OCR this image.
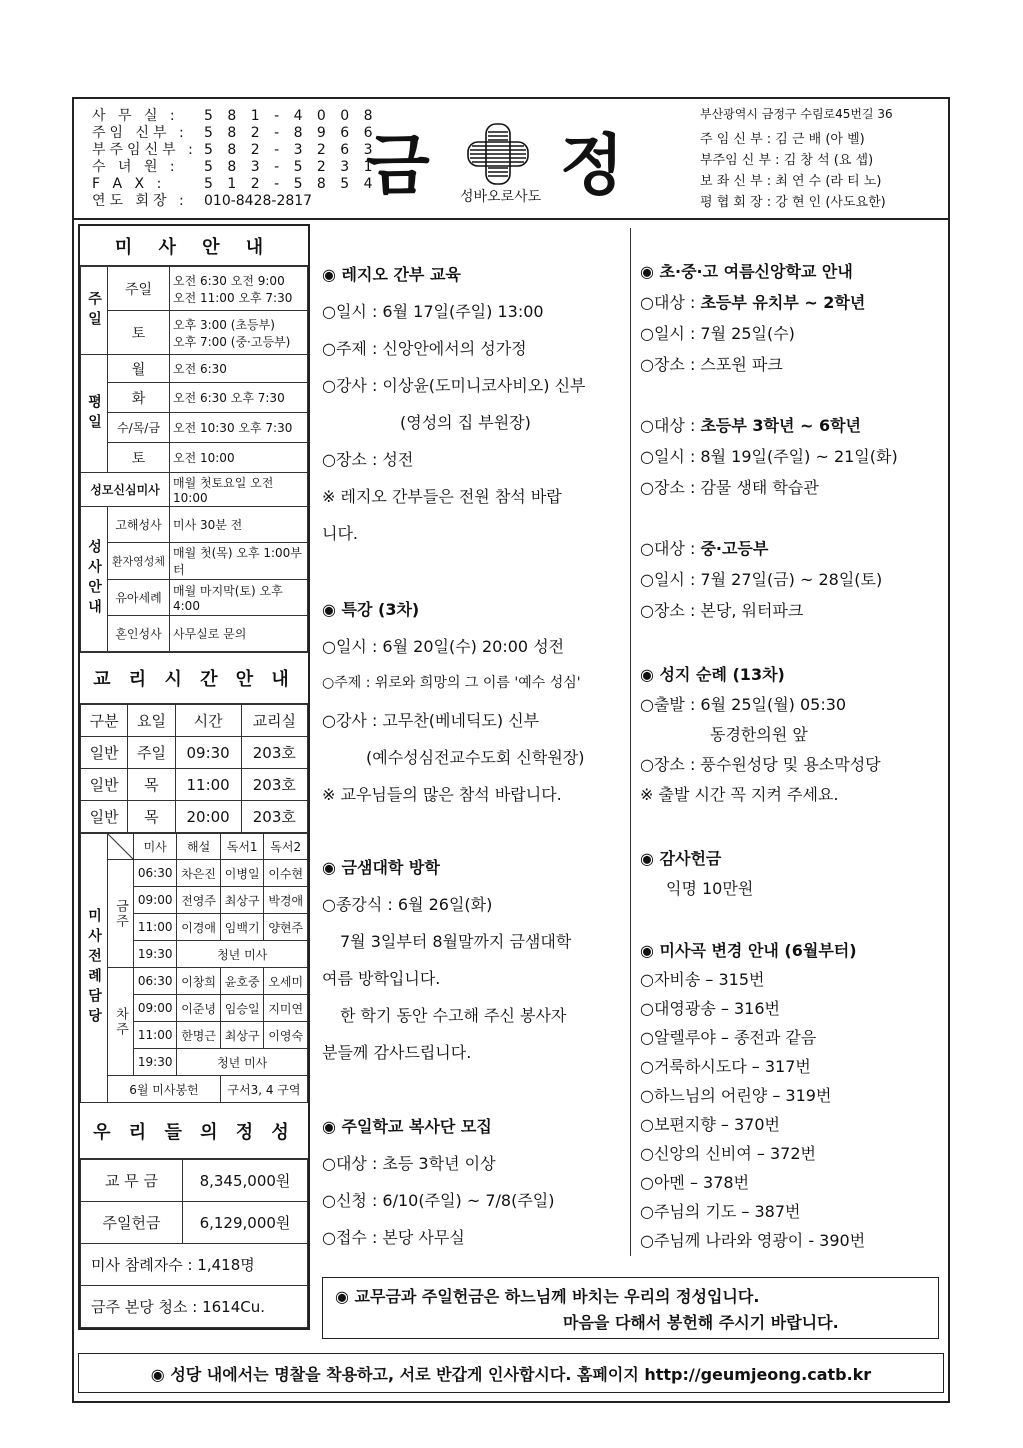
사 무 실 :	5 8 1 - 4 0 0 8
주임 신부 :	5 8 2 - 8 9 6 6
부주임신부 : 5 8 2 - 3 2 6 3
수 녀 원 :	5 8 3 - 5 2 3 1
F A X :	5 1 2 - 5 8 5 4
연도 회장 :	010-8428-2817 금 정
성바오로사도
부산광역시 금정구 수림로45번길 36
주 임 신 부 : 김 근 배 (아 벨)
부주임 신 부 : 김 창 석 (요 셉)
보 좌 신 부 : 최 연 수 (라 티 노)
평 협 회 장 : 강 현 인 (사도요한)
미 사 안 내
주일	주일	오전 6:30 오전 9:00
오전 11:00 오후 7:30
	토	오후 3:00 (초등부)
오후 7:00 (중·고등부)
평일	월	오전 6:30
	화	오전 6:30 오후 7:30
	수/목/금	오전 10:30 오후 7:30
	토	오전 10:00
성모신심미사		매월 첫토요일 오전 10:00
성사안내	고해성사	미사 30분 전
	환자영성체	매월 첫(목) 오후 1:00부터
	유아세례	매월 마지막(토) 오후 4:00
	혼인성사	사무실로 문의
교 리 시 간 안 내
구분	요일	시간	교리실
일반	주일	09:30	203호
일반	목	11:00	203호
일반	목	20:00	203호
미사전례담당		미사	해설	독서1	독서2
	금주	06:30	차은진	이병일	이수현
		09:00	전영주	최상구	박경애
		11:00	이경애	임백기	양현주
		19:30	청년 미사		
	차주	06:30	이창희	윤호중	오세미
		09:00	이준녕	임승일	지미연
		11:00	한명근	최상구	이영숙
		19:30	청년 미사		
	6월 미사봉헌			구서3, 4 구역	
우 리 들 의 정 성
교 무 금	8,345,000원
주일헌금	6,129,000원
미사 참례자수 : 1,418명	
금주 본당 청소 : 1614Cu.	
◉ 레지오 간부 교육
○일시 : 6월 17일(주일) 13:00
○주제 : 신앙안에서의 성가정
○강사 : 이상윤(도미니코사비오) 신부
(영성의 집 부원장)
○장소 : 성전
※ 레지오 간부들은 전원 참석 바랍
니다.
◉ 특강 (3차)
○일시 : 6월 20일(수) 20:00 성전
○주제 : 위로와 희망의 그 이름 '예수 성심'
○강사 : 고무찬(베네딕도) 신부
(예수성심전교수도회 신학원장)
※ 교우님들의 많은 참석 바랍니다.
◉ 금샘대학 방학
○종강식 : 6월 26일(화)
7월 3일부터 8월말까지 금샘대학
여름 방학입니다.
한 학기 동안 수고해 주신 봉사자
분들께 감사드립니다.
◉ 주일학교 복사단 모집
○대상 : 초등 3학년 이상
○신청 : 6/10(주일) ~ 7/8(주일)
○접수 : 본당 사무실
◉ 초·중·고 여름신앙학교 안내
○대상 : 초등부 유치부 ~ 2학년
○일시 : 7월 25일(수)
○장소 : 스포원 파크
○대상 : 초등부 3학년 ~ 6학년
○일시 : 8월 19일(주일) ~ 21일(화)
○장소 : 감물 생태 학습관
○대상 : 중·고등부
○일시 : 7월 27일(금) ~ 28일(토)
○장소 : 본당, 워터파크
◉ 성지 순례 (13차)
○출발 : 6월 25일(월) 05:30
동경한의원 앞
○장소 : 풍수원성당 및 용소막성당
※ 출발 시간 꼭 지켜 주세요.
◉ 감사헌금
익명 10만원
◉ 미사곡 변경 안내 (6월부터)
○자비송 – 315번
○대영광송 – 316번
○알렐루야 – 종전과 같음
○거룩하시도다 – 317번
○하느님의 어린양 – 319번
○보편지향 – 370번
○신앙의 신비여 – 372번
○아멘 – 378번
○주님의 기도 – 387번
○주님께 나라와 영광이 - 390번
◉ 교무금과 주일헌금은 하느님께 바치는 우리의 정성입니다.
마음을 다해서 봉헌해 주시기 바랍니다.
◉ 성당 내에서는 명찰을 착용하고, 서로 반갑게 인사합시다. 홈페이지 http://geumjeong.catb.kr
